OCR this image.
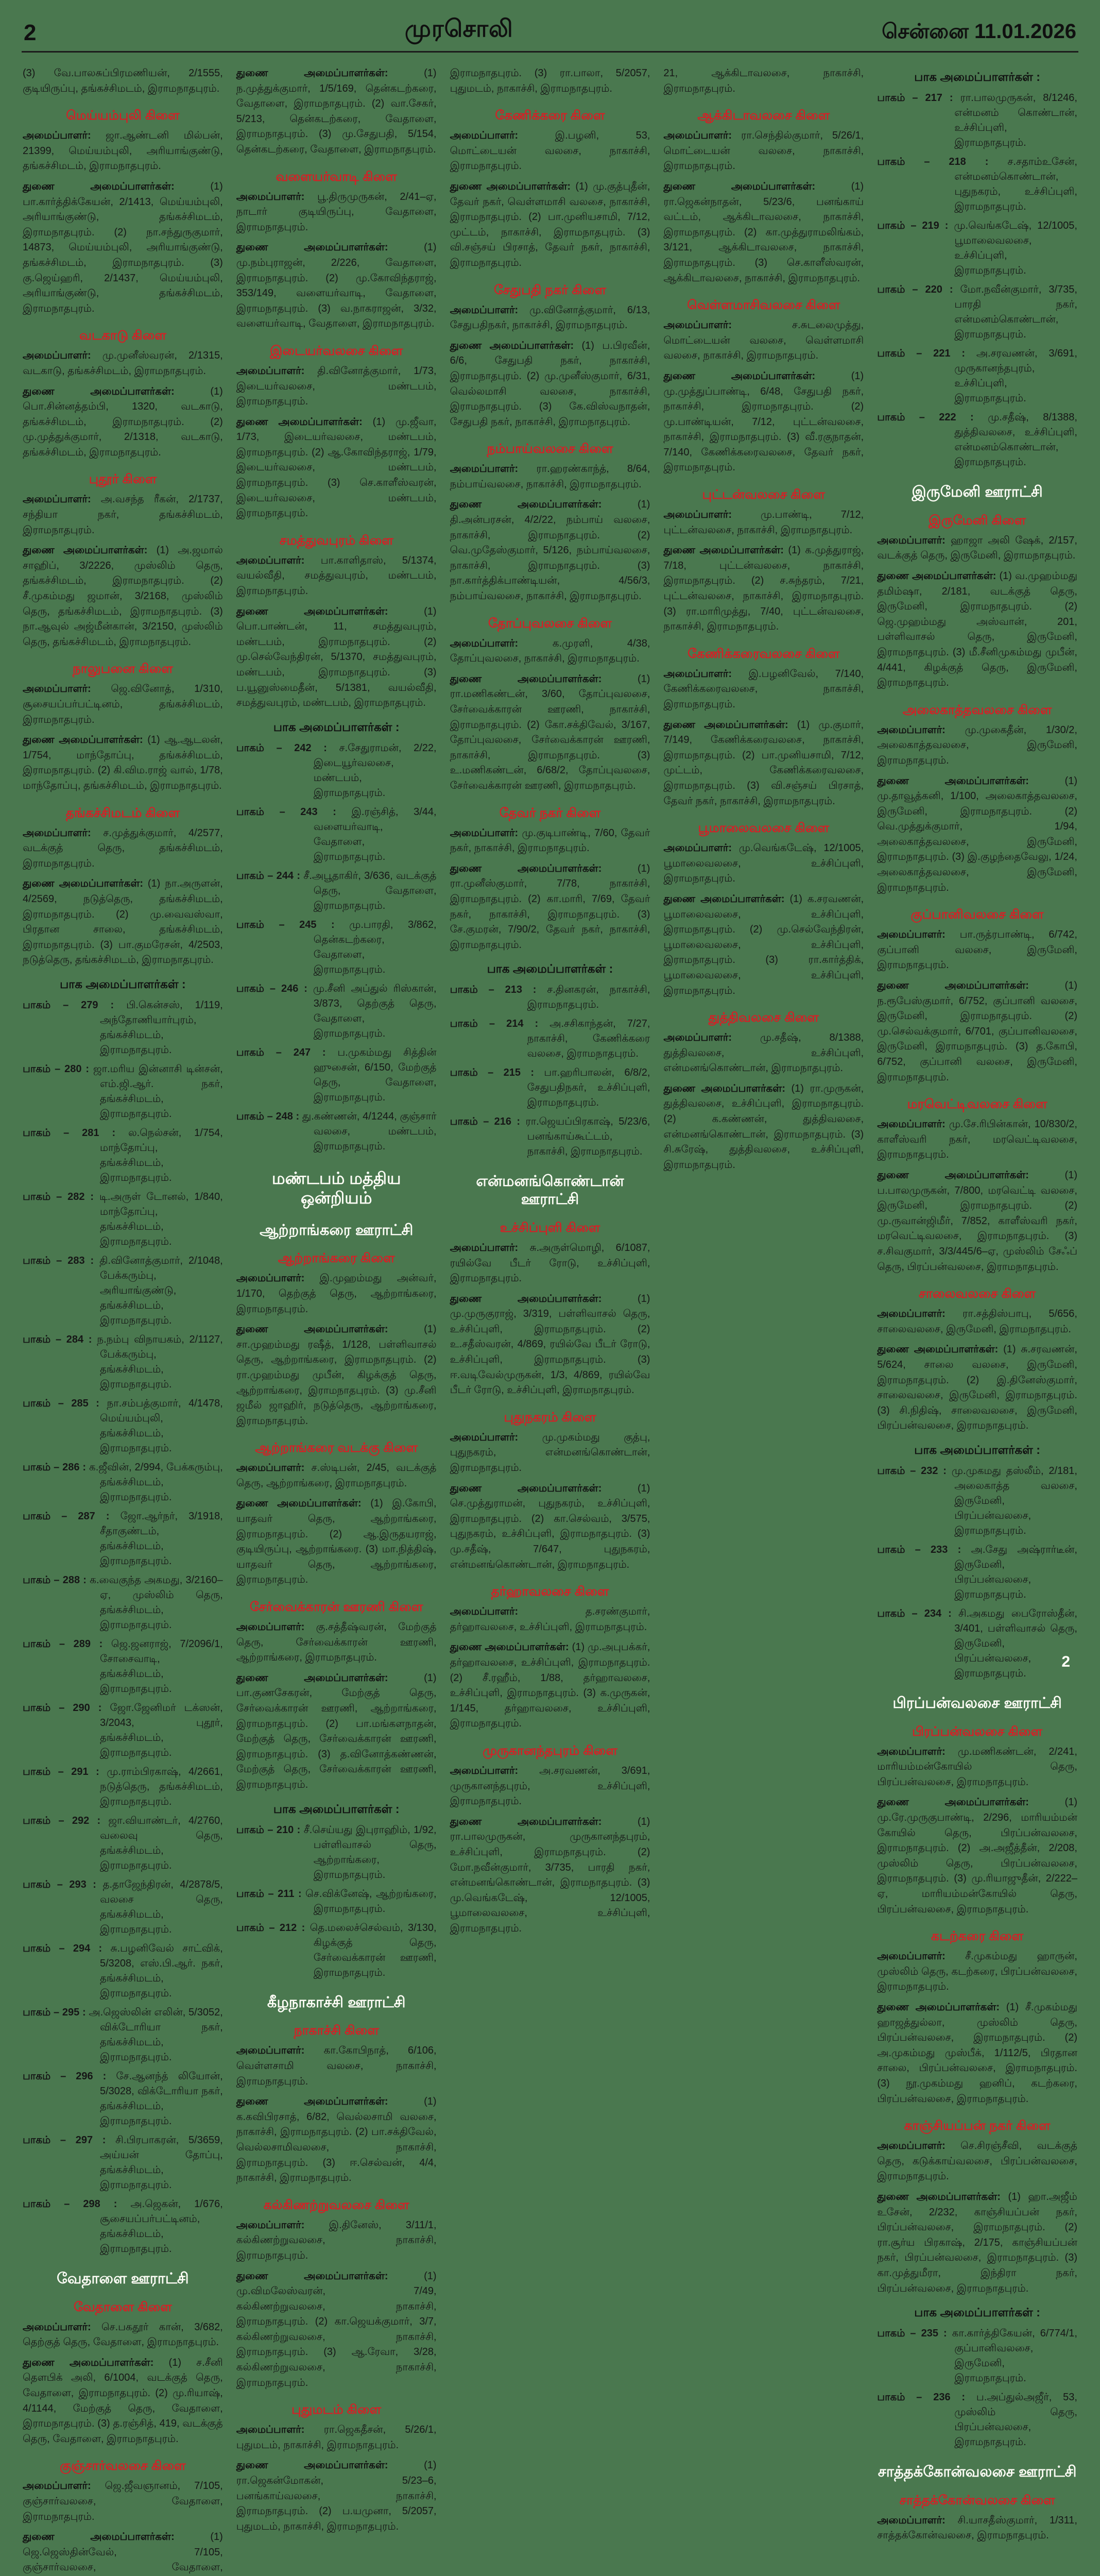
2	முரசொலி	சென்னை 11.01.2026

(3) வே.பாலசுப்பிரமணியன், 2/1555, குடியிருப்பு, தங்கச்சிமடம், இராமநாதபுரம்.

மெய்யம்புலி கிளை

அமைப்பாளர்: ஜா.ஆண்டனி மில்பன், 21399, மெய்யம்புலி, அரியாங்குண்டு, தங்கச்சிமடம், இராமநாதபுரம்.

துணை அமைப்பாளர்கள்: (1) பா.கார்த்திக்கேயன், 2/1413, மெய்யம்புலி, அரியாங்குண்டு, தங்கச்சிமடம், இராமநாதபுரம். (2) நா.சந்துருகுமார், 14873, மெய்யம்புலி, அரியாங்குண்டு, தங்கச்சிமடம், இராமநாதபுரம். (3) கு.ஜெய்ஹரி, 2/1437, மெய்யம்புலி, அரியாங்குண்டு, தங்கச்சிமடம், இராமநாதபுரம்.

வடகாடு கிளை

அமைப்பாளர்: மு.முனீஸ்வரன், 2/1315, வடகாடு, தங்கச்சிமடம், இராமநாதபுரம்.

துணை அமைப்பாளர்கள்: (1) பொ.சின்னத்தம்பி, 1320, வடகாடு, தங்கச்சிமடம், இராமநாதபுரம். (2) மு.முத்துக்குமார், 2/1318, வடகாடு, தங்கச்சிமடம், இராமநாதபுரம்.

புதூர் கிளை

அமைப்பாளர்: அ.வசந்த ரீகன், 2/1737, சந்தியா நகர், தங்கச்சிமடம், இராமநாதபுரம்.

துணை அமைப்பாளர்கள்: (1) அ.ஜமால் சாஹிப், 3/2226, முஸ்லிம் தெரு, தங்கச்சிமடம், இராமநாதபுரம். (2) சீ.முகம்மது ஜமான், 3/2168, முஸ்லிம் தெரு, தங்கச்சிமடம், இராமநாதபுரம். (3) நா.ஆவுல் அஜ்மீன்கான், 3/2150, முஸ்லிம் தெரு, தங்கச்சிமடம், இராமநாதபுரம்.

நாலுபனை கிளை

அமைப்பாளர்: ஜெ.வினோத், 1/310, சூசையப்பர்பட்டினம், தங்கச்சிமடம், இராமநாதபுரம்.

துணை அமைப்பாளர்கள்: (1) ஆ.ஆடலன், 1/754, மாந்தோப்பு, தங்கச்சிமடம், இராமநாதபுரம். (2) கி.விம.ராஜ் வால், 1/78, மாந்தோப்பு, தங்கச்சிமடம், இராமநாதபுரம்.

தங்கச்சிமடம் கிளை

அமைப்பாளர்: ச.முத்துக்குமார், 4/2577, வடக்குத் தெரு, தங்கச்சிமடம், இராமநாதபுரம்.

துணை அமைப்பாளர்கள்: (1) நா.அருளன், 4/2569, நடுத்தெரு, தங்கச்சிமடம், இராமநாதபுரம். (2) மு.வைவஸ்வா, பிரதான சாலை, தங்கச்சிமடம், இராமநாதபுரம். (3) பா.குமரேசன், 4/2503, நடுத்தெரு, தங்கச்சிமடம், இராமநாதபுரம்.

பாக அமைப்பாளர்கள் :

பாகம் – 279 : பி.கென்சஸ், 1/119, அந்தோணியார்புரம், தங்கச்சிமடம், இராமநாதபுரம்.

பாகம் – 280 : ஜா.மரிய இன்னாசி டின்சன், எம்.ஜி.ஆர். நகர், தங்கச்சிமடம், இராமநாதபுரம்.

பாகம் – 281 : ல.நெல்சன், 1/754, மாந்தோப்பு, தங்கச்சிமடம், இராமநாதபுரம்.

பாகம் – 282 : டி.அருள் டோனல், 1/840, மாந்தோப்பு, தங்கச்சிமடம், இராமநாதபுரம்.

பாகம் – 283 : தி.வினோத்குமார், 2/1048, பேக்கரும்பு, அரியாங்குண்டு, தங்கச்சிமடம், இராமநாதபுரம்.

பாகம் – 284 : ந.நம்பு விநாயகம், 2/1127, பேக்கரும்பு, தங்கச்சிமடம், இராமநாதபுரம்.

பாகம் – 285 : நா.சம்பத்குமார், 4/1478, மெய்யம்புலி, தங்கச்சிமடம், இராமநாதபுரம்.

பாகம் – 286 : க.ஜீவின், 2/994, பேக்கரும்பு, தங்கச்சிமடம், இராமநாதபுரம்.

பாகம் – 287 : ஜோ.ஆர்நர், 3/1918, சீதாகுண்டம், தங்கச்சிமடம், இராமநாதபுரம்.

பாகம் – 288 : க.வைகுந்த அகமது, 3/2160–ஏ, முஸ்லிம் தெரு, தங்கச்சிமடம், இராமநாதபுரம்.

பாகம் – 289 : ஜெ.ஜனராஜ், 7/2096/1, சோசைவாடி, தங்கச்சிமடம், இராமநாதபுரம்.

பாகம் – 290 : ஜோ.ஜேனிமர் டக்ஸன், 3/2043, புதூர், தங்கச்சிமடம், இராமநாதபுரம்.

பாகம் – 291 : மு.ராம்பிரகாஷ், 4/2661, நடுத்தெரு, தங்கச்சிமடம், இராமநாதபுரம்.

பாகம் – 292 : ஜா.வியாண்டர், 4/2760, வலைவு தெரு, தங்கச்சிமடம், இராமநாதபுரம்.

பாகம் – 293 : த.தாஜேந்திரன், 4/2878/5, வலசை தெரு, தங்கச்சிமடம், இராமநாதபுரம்.

பாகம் – 294 : சு.பழனிவேல் சாட்விக், 5/3208, எஸ்.பி.ஆர். நகர், தங்கச்சிமடம், இராமநாதபுரம்.

பாகம் – 295 : அ.ஜெஸ்லின் எலின், 5/3052, விக்டோரியா நகர், தங்கச்சிமடம், இராமநாதபுரம்.

பாகம் – 296 : சே.ஆனந்த் லியோன், 5/3028, விக்டோரியா நகர், தங்கச்சிமடம், இராமநாதபுரம்.

பாகம் – 297 : சி.பிரபாகரன், 5/3659, அய்யன் தோப்பு, தங்கச்சிமடம், இராமநாதபுரம்.

பாகம் – 298 : அ.ஜெகன், 1/676, சூசையப்பர்பட்டினம், தங்கச்சிமடம், இராமநாதபுரம்.

வேதாளை ஊராட்சி
வேதாளை கிளை

அமைப்பாளர்: செ.பகதூர் கான், 3/682, தெற்குத் தெரு, வேதாளை, இராமநாதபுரம்.

துணை அமைப்பாளர்கள்: (1) ச.சீனி தௌபிக் அலி, 6/1004, வடக்குத் தெரு, வேதாளை, இராமநாதபுரம். (2) மு.ரியாஷ், 4/1144, மேற்குத் தெரு, வேதாளை, இராமநாதபுரம். (3) த.ரஞ்சித், 419, வடக்குத் தெரு, வேதாளை, இராமநாதபுரம்.

குஞ்சார்வலசை கிளை

அமைப்பாளர்: ஜெ.ஜீவஞானம், 7/105, குஞ்சார்வலசை, வேதாளை, இராமநாதபுரம்.

துணை அமைப்பாளர்கள்: (1) ஜெ.ஜெஸ்தின்வேல், 7/105, குஞ்சார்வலசை, வேதாளை,

துணை அமைப்பாளர்கள்: (1) ந.முத்துக்குமார், 1/5/169, தென்கடற்கரை, வேதாளை, இராமநாதபுரம். (2) வா.சேகர், 5/213, தென்கடற்கரை, வேதாளை, இராமநாதபுரம். (3) மு.சேதுபதி, 5/154, தென்கடற்கரை, வேதாளை, இராமநாதபுரம்.

வளையர்வாடி கிளை

அமைப்பாளர்: பூ.திருமுருகன், 2/41–ஏ, நாடார் குடியிருப்பு, வேதாளை, இராமநாதபுரம்.

துணை அமைப்பாளர்கள்: (1) மு.நம்புராஜன், 2/226, வேதாளை, இராமநாதபுரம். (2) மு.கோவிந்தராஜ், 353/149, வளையர்வாடி, வேதாளை, இராமநாதபுரம். (3) வ.நாகராஜன், 3/32, வளையர்வாடி, வேதாளை, இராமநாதபுரம்.

இடையர்வலசை கிளை

அமைப்பாளர்: தி.வினோத்குமார், 1/73, இடையர்வலசை, மண்டபம், இராமநாதபுரம்.

துணை அமைப்பாளர்கள்: (1) மு.ஜீவா, 1/73, இடையர்வலசை, மண்டபம், இராமநாதபுரம். (2) ஆ.கோவிந்தராஜ், 1/79, இடையர்வலசை, மண்டபம், இராமநாதபுரம். (3) செ.காளீஸ்வரன், இடையர்வலசை, மண்டபம், இராமநாதபுரம்.

சமத்துவபுரம் கிளை

அமைப்பாளர்: பா.காளிதாஸ், 5/1374, வயல்வீதி, சமத்துவபுரம், மண்டபம், இராமநாதபுரம்.

துணை அமைப்பாளர்கள்: (1) பொ.பாண்டன், 11, சமத்துவபுரம், மண்டபம், இராமநாதபுரம். (2) மு.செல்வேந்திரன், 5/1370, சமத்துவபுரம், மண்டபம், இராமநாதபுரம். (3) ப.யூனுஸ்மைதீன், 5/1381, வயல்வீதி, சமத்துவபுரம், மண்டபம், இராமநாதபுரம்.

பாக அமைப்பாளர்கள் :

பாகம் – 242 : ச.சேதுராமன், 2/22, இடையூர்வலசை, மண்டபம், இராமநாதபுரம்.

பாகம் – 243 : இ.ரஞ்சித், 3/44, வளையர்வாடி, வேதாளை, இராமநாதபுரம்.

பாகம் – 244 : சீ.அபூதாகிர், 3/636, வடக்குத் தெரு, வேதாளை, இராமநாதபுரம்.

பாகம் – 245 : மு.பாரதி, 3/862, தென்கடற்கரை, வேதாளை, இராமநாதபுரம்.

பாகம் – 246 : மு.சீனி அப்துல் ரிஸ்கான், 3/873, தெற்குத் தெரு, வேதாளை, இராமநாதபுரம்.

பாகம் – 247 : ப.முகம்மது சித்தின் ஹுசைன், 6/150, மேற்குத் தெரு, வேதாளை, இராமநாதபுரம்.

பாகம் – 248 : து.கண்ணன், 4/1244, குஞ்சார் வலசை, மண்டபம், இராமநாதபுரம்.

மண்டபம் மத்திய ஒன்றியம்
ஆற்றாங்கரை ஊராட்சி
ஆற்றாங்கரை கிளை

அமைப்பாளர்: இ.முஹம்மது அன்வர், 1/170, தெற்குத் தெரு, ஆற்றாங்கரை, இராமநாதபுரம்.

துணை அமைப்பாளர்கள்: (1) சா.முஹம்மது ரஷீத், 1/128, பள்ளிவாசல் தெரு, ஆற்றாங்கரை, இராமநாதபுரம். (2) ரா.முஹம்மது முபீன், கிழக்குத் தெரு, ஆற்றாங்கரை, இராமநாதபுரம். (3) மு.சீனி ஜமீல் ஜாஹிர், நடுத்தெரு, ஆற்றாங்கரை, இராமநாதபுரம்.

ஆற்றாங்கரை வடக்கு கிளை

அமைப்பாளர்: ச.ஸ்டிபன், 2/45, வடக்குத் தெரு, ஆற்றாங்கரை, இராமநாதபுரம்.

துணை அமைப்பாளர்கள்: (1) இ.கோபி, யாதவர் தெரு, ஆற்றாங்கரை, இராமநாதபுரம். (2) ஆ.இருதயராஜ், குடியிருப்பு, ஆற்றாங்கரை. (3) மா.நித்திஷ், யாதவர் தெரு, ஆற்றாங்கரை, இராமநாதபுரம்.

சேர்வைக்காரன் ஊரணி கிளை

அமைப்பாளர்: கு.சத்தீஷ்வரன், மேற்குத் தெரு, சேர்வைக்காரன் ஊரணி, ஆற்றாங்கரை, இராமநாதபுரம்.

துணை அமைப்பாளர்கள்: (1) பா.குணசேகரன், மேற்குத் தெரு, சேர்வைக்காரன் ஊரணி, ஆற்றாங்கரை, இராமநாதபுரம். (2) பா.மங்களநாதன், மேற்குத் தெரு, சேர்வைக்காரன் ஊரணி, இராமநாதபுரம். (3) த.வினோத்கண்ணன், மேற்குத் தெரு, சேர்வைக்காரன் ஊரணி, இராமநாதபுரம்.

பாக அமைப்பாளர்கள் :

பாகம் – 210 : சீ.செய்யது இபுராஹிம், 1/92, பள்ளிவாசல் தெரு, ஆற்றாங்கரை, இராமநாதபுரம்.

பாகம் – 211 : செ.விக்னேஷ், ஆற்றங்கரை, இராமநாதபுரம்.

பாகம் – 212 : தெ.மலைச்செல்வம், 3/130, கிழக்குத் தெரு, சேர்வைக்காரன் ஊரணி, இராமநாதபுரம்.

கீழநாகாச்சி ஊராட்சி
நாகாச்சி கிளை

அமைப்பாளர்: கா.கோபிநாத், 6/106, வெள்ளசாமி வலசை, நாகாச்சி, இராமநாதபுரம்.

துணை அமைப்பாளர்கள்: (1) க.கவிபிரசாத், 6/82, வெல்லசாமி வலசை, நாகாச்சி, இராமநாதபுரம். (2) பா.சக்திவேல், வெல்லசாமிவலசை, நாகாச்சி, இராமநாதபுரம். (3) ஈ.செல்வன், 4/4, நாகாச்சி, இராமநாதபுரம்.

கல்கிணற்றுவலசை கிளை

அமைப்பாளர்: இ.தினேஸ், 3/11/1, கல்கிணற்றுவலசை, நாகாச்சி, இராமநாதபுரம்.

துணை அமைப்பாளர்கள்: (1) மு.விமலேஸ்வரன், 7/49, கல்கிணற்றுவலசை, நாகாச்சி, இராமநாதபுரம். (2) கா.ஜெயக்குமார், 3/7, கல்கிணற்றுவலசை, நாகாச்சி, இராமநாதபுரம். (3) ஆ.ரேவா, 3/28, கல்கிணற்றுவலசை, நாகாச்சி, இராமநாதபுரம்.

புதுமடம் கிளை

அமைப்பாளர்: ரா.ஜெகதீசன், 5/26/1, புதுமடம், நாகாச்சி, இராமநாதபுரம்.

துணை அமைப்பாளர்கள்: (1) ரா.ஜெகன்மோகன், 5/23–6, பனங்காய்வலசை, நாகாச்சி, இராமநாதபுரம். (2) ப.யமுனா, 5/2057, புதுமடம், நாகாச்சி, இராமநாதபுரம்.

இராமநாதபுரம். (3) ரா.பாலா, 5/2057, புதுமடம், நாகாச்சி, இராமநாதபுரம்.

கேணிக்கரை கிளை

அமைப்பாளர்: இ.பழனி, 53, மொட்டையன் வலசை, நாகாச்சி, இராமநாதபுரம்.

துணை அமைப்பாளர்கள்: (1) மு.குத்புதீன், தேவர் நகர், வெள்ளமாசி வலசை, நாகாச்சி, இராமநாதபுரம். (2) பா.முனியசாமி, 7/12, முட்டம், நாகாச்சி, இராமநாதபுரம். (3) வி.சஞ்சய் பிரசாத், தேவர் நகர், நாகாச்சி, இராமநாதபுரம்.

சேதுபதி நகர் கிளை

அமைப்பாளர்: மு.வினோத்குமார், 6/13, சேதுபதிநகர், நாகாச்சி, இராமநாதபுரம்.

துணை அமைப்பாளர்கள்: (1) ப.பிரவீன், 6/6, சேதுபதி நகர், நாகாச்சி, இராமநாதபுரம். (2) மு.முனீஸ்குமார், 6/31, வெல்லமாசி வலசை, நாகாச்சி, இராமநாதபுரம். (3) கே.விஸ்வநாதன், சேதுபதி நகர், நாகாச்சி, இராமநாதபுரம்.

நம்பாய்வலசை கிளை

அமைப்பாளர்: ரா.ஹரண்காந்த், 8/64, நம்பாய்வலசை, நாகாச்சி, இராமநாதபுரம்.

துணை அமைப்பாளர்கள்: (1) தி.அன்பரசன், 4/2/22, நம்பாய் வலசை, நாகாச்சி, இராமநாதபுரம். (2) வெ.முதேஸ்குமார், 5/126, நம்பாய்வலசை, நாகாச்சி, இராமநாதபுரம். (3) நா.கார்த்திக்பாண்டியன், 4/56/3, நம்பாய்வலசை, நாகாச்சி, இராமநாதபுரம்.

தோப்புவலசை கிளை

அமைப்பாளர்: க.முரளி, 4/38, தோப்புவலசை, நாகாச்சி, இராமநாதபுரம்.

துணை அமைப்பாளர்கள்: (1) ரா.மணிகண்டன், 3/60, தோப்புவலசை, சேர்வைக்காரன் ஊரணி, நாகாச்சி, இராமநாதபுரம். (2) கோ.சக்திவேல், 3/167, தோப்புவலசை, சேர்வைக்காரன் ஊரணி, நாகாச்சி, இராமநாதபுரம். (3) உ.மணிகண்டன், 6/68/2, தோப்புவலசை, சேர்வைக்காரன் ஊரணி, இராமநாதபுரம்.

தேவர் நகர் கிளை

அமைப்பாளர்: மு.குடிபாண்டி, 7/60, தேவர் நகர், நாகாச்சி, இராமநாதபுரம்.

துணை அமைப்பாளர்கள்: (1) ரா.முனீஸ்குமார், 7/78, நாகாச்சி, இராமநாதபுரம். (2) கா.மாரி, 7/69, தேவர் நகர், நாகாச்சி, இராமநாதபுரம். (3) சே.குமரன், 7/90/2, தேவர் நகர், நாகாச்சி, இராமநாதபுரம்.

பாக அமைப்பாளர்கள் :

பாகம் – 213 : ச.தினகரன், நாகாச்சி, இராமநாதபுரம்.

பாகம் – 214 : அ.சசிகாந்தன், 7/27, நாகாச்சி, கேணிக்கரை வலசை, இராமநாதபுரம்.

பாகம் – 215 : பா.ஹரிபாலன், 6/8/2, சேதுபதிநகர், உச்சிப்புளி, இராமநாதபுரம்.

பாகம் – 216 : ரா.ஜெயப்பிரகாஷ், 5/23/6, பனங்காய்கூட்டம், நாகாச்சி, இராமநாதபுரம்.

என்மனங்கொண்டான் ஊராட்சி
உச்சிப்புளி கிளை

அமைப்பாளர்: சு.அருள்மொழி, 6/1087, ரயில்வே பீடர் ரோடு, உச்சிப்புளி, இராமநாதபுரம்.

துணை அமைப்பாளர்கள்: (1) மு.முருகுராஜ், 3/319, பள்ளிவாசல் தெரு, உச்சிப்புளி, இராமநாதபுரம். (2) உ.சதீஸ்வரன், 4/869, ரயில்வே பீடர் ரோடு, உச்சிப்புளி, இராமநாதபுரம். (3) ஈ.வடிவேல்முருகன், 1/3, 4/869, ரயில்வே பீடர் ரோடு, உச்சிப்புளி, இராமநாதபுரம்.

புதுநகரம் கிளை

அமைப்பாளர்: மு.முகம்மது குத்பு, புதுநகரம், என்மனங்கொண்டான், இராமநாதபுரம்.

துணை அமைப்பாளர்கள்: (1) செ.முத்துராமன், புதுநகரம், உச்சிப்புளி, இராமநாதபுரம். (2) கா.செல்வம், 3/575, புதுநகரம், உச்சிப்புளி, இராமநாதபுரம். (3) மு.சதீஷ், 7/647, புதுநகரம், என்மனங்கொண்டான், இராமநாதபுரம்.

தர்ஹாவலசை கிளை

அமைப்பாளர்: த.சரண்குமார், தர்ஹாவலசை, உச்சிப்புளி, இராமநாதபுரம்.

துணை அமைப்பாளர்கள்: (1) மு.அபுபக்கர், தர்ஹாவலசை, உச்சிப்புளி, இராமநாதபுரம். (2) சீ.ரஹீம், 1/88, தர்ஹாவலசை, உச்சிப்புளி, இராமநாதபுரம். (3) க.முருகன், 1/145, தர்ஹாவலசை, உச்சிப்புளி, இராமநாதபுரம்.

முருகானந்தபுரம் கிளை

அமைப்பாளர்: அ.சரவணன், 3/691, முருகானந்தபுரம், உச்சிப்புளி, இராமநாதபுரம்.

துணை அமைப்பாளர்கள்: (1) ரா.பாலமுருகன், முருகானந்தபுரம், உச்சிப்புளி, இராமநாதபுரம். (2) மோ.நவீன்குமார், 3/735, பாரதி நகர், என்மனங்கொண்டான், இராமநாதபுரம். (3) மு.வெங்கடேஷ், 12/1005, பூமாலைவலசை, உச்சிப்புளி, இராமநாதபுரம்.

21, ஆக்கிடாவலசை, நாகாச்சி, இராமநாதபுரம்.

ஆக்கிடாவலசை கிளை

அமைப்பாளர்: ரா.செந்தில்குமார், 5/26/1, மொட்டையன் வலசை, நாகாச்சி, இராமநாதபுரம்.

துணை அமைப்பாளர்கள்: (1) ரா.ஜெகன்நாதன், 5/23/6, பனங்காய் வட்டம், ஆக்கிடாவலசை, நாகாச்சி, இராமநாதபுரம். (2) கா.முத்துராமலிங்கம், 3/121, ஆக்கிடாவலசை, நாகாச்சி, இராமநாதபுரம். (3) செ.காளீஸ்வரன், ஆக்கிடாவலசை, நாகாச்சி, இராமநாதபுரம்.

வெள்ளமாசிவலசை கிளை

அமைப்பாளர்: ச.சுடலைமுத்து, மொட்டையன் வலசை, வெள்ளமாசி வலசை, நாகாச்சி, இராமநாதபுரம்.

துணை அமைப்பாளர்கள்: (1) மு.முத்துப்பாண்டி, 6/48, சேதுபதி நகர், நாகாச்சி, இராமநாதபுரம். (2) மு.பாண்டியன், 7/12, புட்டன்வலசை, நாகாச்சி, இராமநாதபுரம். (3) வீ.ரகுநாதன், 7/140, கேணிக்கரைவலசை, தேவர் நகர், இராமநாதபுரம்.

புட்டன்வலசை கிளை

அமைப்பாளர்: மு.பாண்டி, 7/12, புட்டன்வலசை, நாகாச்சி, இராமநாதபுரம்.

துணை அமைப்பாளர்கள்: (1) க.முத்துராஜ், 7/18, புட்டன்வலசை, நாகாச்சி, இராமநாதபுரம். (2) ச.சுந்தரம், 7/21, புட்டன்வலசை, நாகாச்சி, இராமநாதபுரம். (3) ரா.மாரிமுத்து, 7/40, புட்டன்வலசை, நாகாச்சி, இராமநாதபுரம்.

கேணிக்கரைவலசை கிளை

அமைப்பாளர்: இ.பழனிவேல், 7/140, கேணிக்கரைவலசை, நாகாச்சி, இராமநாதபுரம்.

துணை அமைப்பாளர்கள்: (1) மு.குமார், 7/149, கேணிக்கரைவலசை, நாகாச்சி, இராமநாதபுரம். (2) பா.முனியசாமி, 7/12, முட்டம், கேணிக்கரைவலசை, இராமநாதபுரம். (3) வி.சஞ்சய் பிரசாத், தேவர் நகர், நாகாச்சி, இராமநாதபுரம்.

பூமாலைவலசை கிளை

அமைப்பாளர்: மு.வெங்கடேஷ், 12/1005, பூமாலைவலசை, உச்சிப்புளி, இராமநாதபுரம்.

துணை அமைப்பாளர்கள்: (1) க.சரவணன், பூமாலைவலசை, உச்சிப்புளி, இராமநாதபுரம். (2) மு.செல்வேந்திரன், பூமாலைவலசை, உச்சிப்புளி, இராமநாதபுரம். (3) ரா.கார்த்திக், பூமாலைவலசை, உச்சிப்புளி, இராமநாதபுரம்.

துத்திவலசை கிளை

அமைப்பாளர்: மு.சதீஷ், 8/1388, துத்திவலசை, உச்சிப்புளி, என்மனங்கொண்டான், இராமநாதபுரம்.

துணை அமைப்பாளர்கள்: (1) ரா.முருகன், துத்திவலசை, உச்சிப்புளி, இராமநாதபுரம். (2) க.கண்ணன், துத்திவலசை, என்மனங்கொண்டான், இராமநாதபுரம். (3) சி.சுரேஷ், துத்திவலசை, உச்சிப்புளி, இராமநாதபுரம்.

பாக அமைப்பாளர்கள் :

பாகம் – 217 : ரா.பாலமுருகன், 8/1246, என்மனம் கொண்டான், உச்சிப்புளி, இராமநாதபுரம்.

பாகம் – 218 : ச.சதாம்உசேன், என்மனம்கொண்டான், புதுநகரம், உச்சிப்புளி, இராமநாதபுரம்.

பாகம் – 219 : மு.வெங்கடேஷ், 12/1005, பூமாலைவலசை, உச்சிப்புளி, இராமநாதபுரம்.

பாகம் – 220 : மோ.நவீன்குமார், 3/735, பாரதி நகர், என்மனம்கொண்டான், இராமநாதபுரம்.

பாகம் – 221 : அ.சரவணன், 3/691, முருகானந்தபுரம், உச்சிப்புளி, இராமநாதபுரம்.

பாகம் – 222 : மு.சதீஷ், 8/1388, துத்திவலசை, உச்சிப்புளி, என்மனம்கொண்டான், இராமநாதபுரம்.

இருமேனி ஊராட்சி
இருமேனி கிளை

அமைப்பாளர்: ஹாஜா அலி ஷேக், 2/157, வடக்குத் தெரு, இருமேனி, இராமநாதபுரம்.

துணை அமைப்பாளர்கள்: (1) வ.முஹம்மது தமிம்ஷா, 2/181, வடக்குத் தெரு, இருமேனி, இராமநாதபுரம். (2) ஜெ.முஹம்மது அஸ்வான், 201, பள்ளிவாசல் தெரு, இருமேனி, இராமநாதபுரம். (3) மீ.சீனிமுகம்மது முபீன், 4/441, கிழக்குத் தெரு, இருமேனி, இராமநாதபுரம்.

அலைகாத்தவலசை கிளை

அமைப்பாளர்: மு.முகைதீன், 1/30/2, அலைகாத்தவலசை, இருமேனி, இராமநாதபுரம்.

துணை அமைப்பாளர்கள்: (1) மு.தாவூத்கனி, 1/100, அலைகாத்தவலசை, இருமேனி, இராமநாதபுரம். (2) வெ.முத்துக்குமார், 1/94, அலைகாத்தவலசை, இருமேனி, இராமநாதபுரம். (3) இ.குழந்தைவேலு, 1/24, அலைகாத்தவலசை, இருமேனி, இராமநாதபுரம்.

குப்பானிவலசை கிளை

அமைப்பாளர்: பா.ருத்ரபாண்டி, 6/742, குப்பானி வலசை, இருமேனி, இராமநாதபுரம்.

துணை அமைப்பாளர்கள்: (1) ந.ரூபேஸ்குமார், 6/752, குப்பானி வலசை, இருமேனி, இராமநாதபுரம். (2) மு.செல்வக்குமார், 6/701, குப்பானிவலசை, இருமேனி, இராமநாதபுரம். (3) த.கோபி, 6/752, குப்பானி வலசை, இருமேனி, இராமநாதபுரம்.

மரவெட்டிவலசை கிளை

அமைப்பாளர்: மு.சே.ரிபின்கான், 10/830/2, காளீஸ்வரி நகர், மரவெட்டிவலசை, இராமநாதபுரம்.

துணை அமைப்பாளர்கள்: (1) ப.பாலமுருகன், 7/800, மரவெட்டி வலசை, இருமேனி, இராமநாதபுரம். (2) மு.ருவான்ஜிமீர், 7/852, காளீஸ்வரி நகர், மரவெட்டிவலசை, இராமநாதபுரம். (3) ச.சிவகுமார், 3/3/445/6–ஏ, முஸ்லிம் சேஃப் தெரு, பிரப்பன்வலசை, இராமநாதபுரம்.

சாலைவலசை கிளை

அமைப்பாளர்: ரா.சத்திஸ்பாபு, 5/656, சாலைவலசை, இருமேனி, இராமநாதபுரம்.

துணை அமைப்பாளர்கள்: (1) சு.சரவணன், 5/624, சாலை வலசை, இருமேனி, இராமநாதபுரம். (2) இ.தினேஸ்குமார், சாலைவலசை, இருமேனி, இராமநாதபுரம். (3) சி.நிதிஷ், சாலைவலசை, இருமேனி, பிரப்பன்வலசை, இராமநாதபுரம்.

பாக அமைப்பாளர்கள் :

பாகம் – 232 : மு.முகமது தஸ்லீம், 2/181, அலைகாத்த வலசை, இருமேனி, பிரப்பன்வலசை, இராமநாதபுரம்.

பாகம் – 233 : அ.சேது அஷ்ரார்டீன், இருமேனி, பிரப்பன்வலசை, இராமநாதபுரம்.

பாகம் – 234 : சி.அகமது பைரோஸ்தீன், 3/401, பள்ளிவாசல் தெரு, இருமேனி, பிரப்பன்வலசை, இராமநாதபுரம்.

பிரப்பன்வலசை ஊராட்சி
பிரப்பன்வலசை கிளை

அமைப்பாளர்: மு.மணிகண்டன், 2/241, மாரியம்மன்கோயில் தெரு, பிரப்பன்வலசை, இராமநாதபுரம்.

துணை அமைப்பாளர்கள்: (1) மு.ரே.முருகுபாண்டி, 2/296, மாரியம்மன் கோயில் தெரு, பிரப்பன்வலசை, இராமநாதபுரம். (2) அ.அஜீத்தீன், 2/208, முஸ்லிம் தெரு, பிரப்பன்வலசை, இராமநாதபுரம். (3) மு.ரியாஜுதீன், 2/222–ஏ, மாரியம்மன்கோயில் தெரு, பிரப்பன்வலசை, இராமநாதபுரம்.

கடற்கரை கிளை

அமைப்பாளர்: சீ.முகம்மது ஹாருன், முஸ்லிம் தெரு, கடற்கரை, பிரப்பன்வலசை, இராமநாதபுரம்.

துணை அமைப்பாளர்கள்: (1) சீ.முகம்மது ஹாஜத்துல்லா, முஸ்லிம் தெரு, பிரப்பன்வலசை, இராமநாதபுரம். (2) அ.முகம்மது முஸ்பீக், 1/112/5, பிரதான சாலை, பிரப்பன்வலசை, இராமநாதபுரம். (3) நூ.முகம்மது ஹனிப், கடற்கரை, பிரப்பன்வலசை, இராமநாதபுரம்.

காஞ்சியப்பன் நகர் கிளை

அமைப்பாளர்: செ.சிரஞ்சீவி, வடக்குத் தெரு, கடுக்காய்வலசை, பிரப்பன்வலசை, இராமநாதபுரம்.

துணை அமைப்பாளர்கள்: (1) ஹா.அஜீம் உசேன், 2/232, காஞ்சியப்பன் நகர், பிரப்பன்வலசை, இராமநாதபுரம். (2) ரா.சூர்ய பிரகாஷ், 2/175, காஞ்சியப்பன் நகர், பிரப்பன்வலசை, இராமநாதபுரம். (3) கா.முத்துமீரா, இந்திரா நகர், பிரப்பன்வலசை, இராமநாதபுரம்.

பாக அமைப்பாளர்கள் :

பாகம் – 235 : கா.கார்த்திகேயன், 6/774/1, குப்பானிவலசை, இருமேனி, இராமநாதபுரம்.

பாகம் – 236 : ப.அப்துல்அஜீர், 53, முஸ்லிம் தெரு, பிரப்பன்வலசை, இராமநாதபுரம்.

சாத்தக்கோன்வலசை ஊராட்சி
சாத்தக்கோன்வலசை கிளை

அமைப்பாளர்: சி.யாசதீஸ்குமார், 1/311, சாத்தக்கோன்வலசை, இராமநாதபுரம்.

2
